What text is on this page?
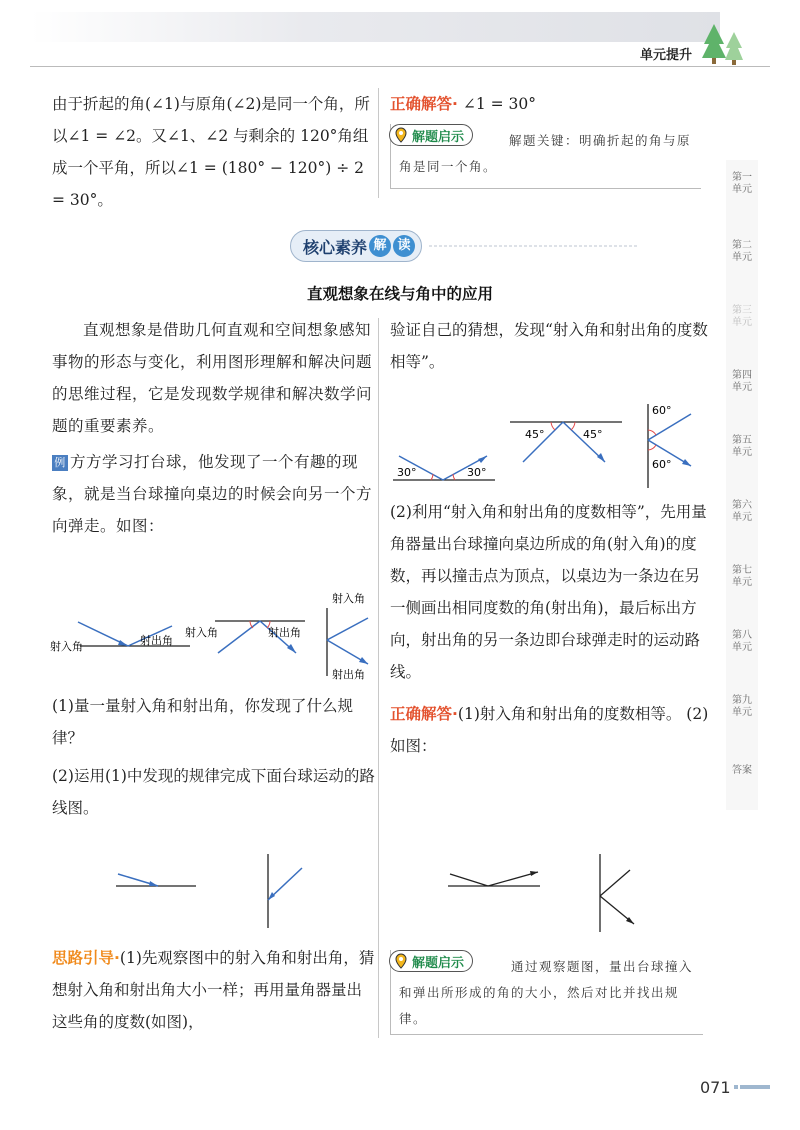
单元提升

由于折起的角(∠1)与原角(∠2)是同一个角，所以∠1 = ∠2。又∠1、∠2 与剩余的 120°角组成一个平角，所以∠1 = (180° − 120°) ÷ 2 = 30°。

正确解答· ∠1 = 30°

解题启示	解题关键：明确折起的角与原角是同一个角。
核心素养 解 读
直观想象在线与角中的应用

直观想象是借助几何直观和空间想象感知事物的形态与变化，利用图形理解和解决问题的思维过程，它是发现数学规律和解决数学问题的重要素养。

例 方方学习打台球，他发现了一个有趣的现象，就是当台球撞向桌边的时候会向另一个方向弹走。如图：

射入角	射出角
射入角	射出角
射入角
射出角

(1)量一量射入角和射出角，你发现了什么规律？

(2)运用(1)中发现的规律完成下面台球运动的路线图。

思路引导·(1)先观察图中的射入角和射出角，猜想射入角和射出角大小一样；再用量角器量出这些角的度数(如图)，

验证自己的猜想，发现“射入角和射出角的度数相等”。

30°	30°
45°	45°
60°
60°

(2)利用“射入角和射出角的度数相等”，先用量角器量出台球撞向桌边所成的角(射入角)的度数，再以撞击点为顶点，以桌边为一条边在另一侧画出相同度数的角(射出角)，最后标出方向，射出角的另一条边即台球弹走时的运动路线。

正确解答·(1)射入角和射出角的度数相等。 (2)如图：

解题启示	通过观察题图，量出台球撞入和弹出所形成的角的大小，然后对比并找出规律。
第一单元
第二单元
第三单元
第四单元
第五单元
第六单元
第七单元
第八单元
第九单元
答案
071
